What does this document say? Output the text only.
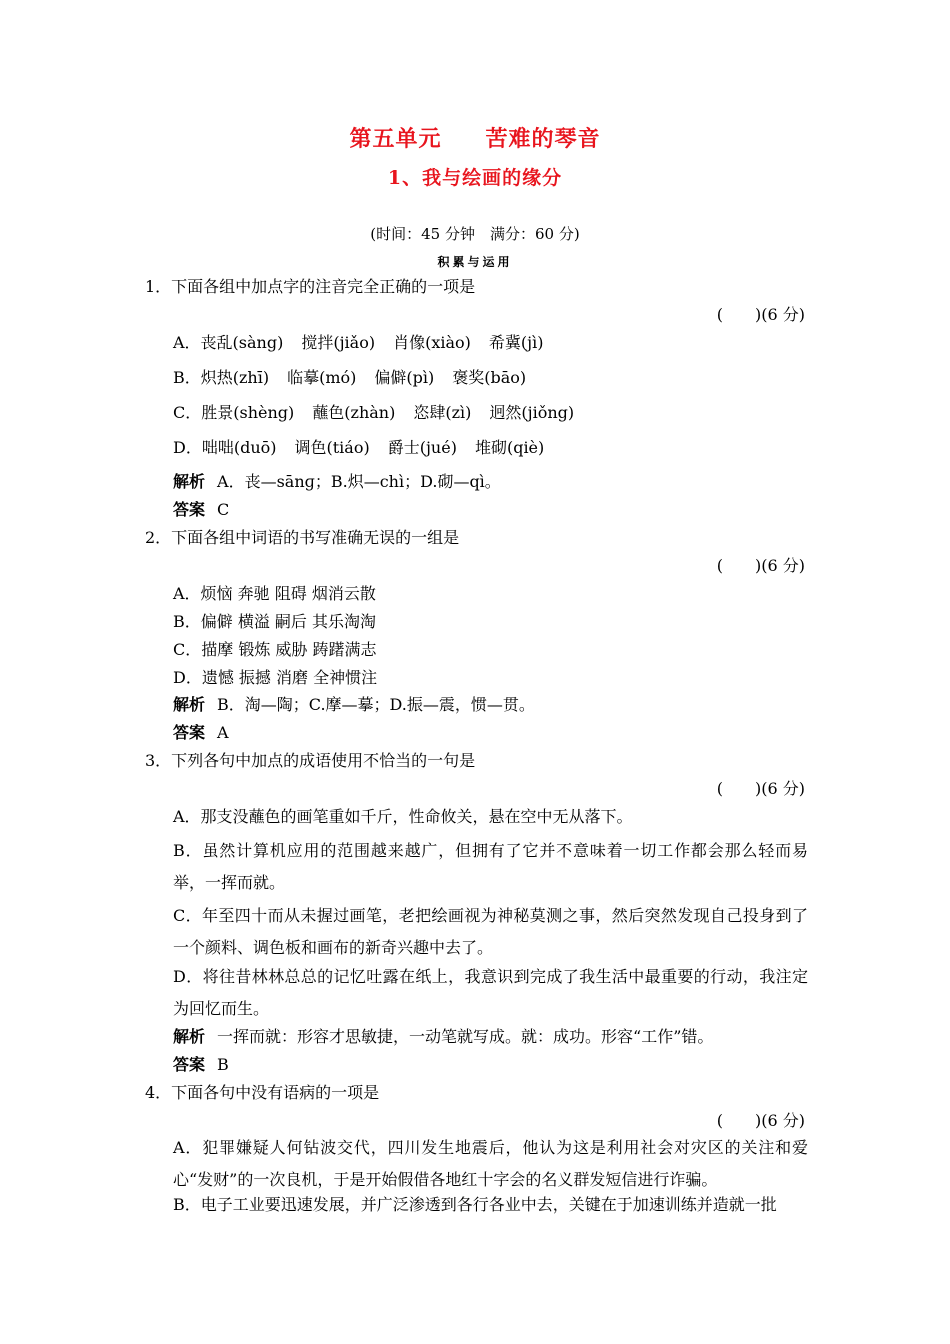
第五单元 苦难的琴音
1、我与绘画的缘分
(时间：45 分钟　满分：60 分)
积累与运用
1．下面各组中加点字的注音完全正确的一项是
(　　)(6 分)
A．丧乱(sàng) 搅拌(jiǎo) 肖像(xiào) 希冀(jì)
B．炽热(zhī) 临摹(mó) 偏僻(pì) 褒奖(bāo)
C．胜景(shèng) 蘸色(zhàn) 恣肆(zì) 迥然(jiǒng)
D．咄咄(duō) 调色(tiáo) 爵士(jué) 堆砌(qiè)
解析 A．丧—sānɡ；B.炽—chì；D.砌—qì。
答案 C
2．下面各组中词语的书写准确无误的一组是
(　　)(6 分)
A．烦恼 奔驰 阻碍 烟消云散
B．偏僻 横溢 嗣后 其乐淘淘
C．描摩 锻炼 威胁 踌躇满志
D．遗憾 振撼 消磨 全神惯注
解析 B．淘—陶；C.摩—摹；D.振—震，惯—贯。
答案 A
3．下列各句中加点的成语使用不恰当的一句是
(　　)(6 分)
A．那支没蘸色的画笔重如千斤，性命攸关，悬在空中无从落下。
B．虽然计算机应用的范围越来越广，但拥有了它并不意味着一切工作都会那么轻而易举，一挥而就。
C．年至四十而从未握过画笔，老把绘画视为神秘莫测之事，然后突然发现自己投身到了一个颜料、调色板和画布的新奇兴趣中去了。
D．将往昔林林总总的记忆吐露在纸上，我意识到完成了我生活中最重要的行动，我注定为回忆而生。
解析 一挥而就：形容才思敏捷，一动笔就写成。就：成功。形容“工作”错。
答案 B
4．下面各句中没有语病的一项是
(　　)(6 分)
A．犯罪嫌疑人何钻波交代，四川发生地震后，他认为这是利用社会对灾区的关注和爱心“发财”的一次良机，于是开始假借各地红十字会的名义群发短信进行诈骗。
B．电子工业要迅速发展，并广泛渗透到各行各业中去，关键在于加速训练并造就一批
